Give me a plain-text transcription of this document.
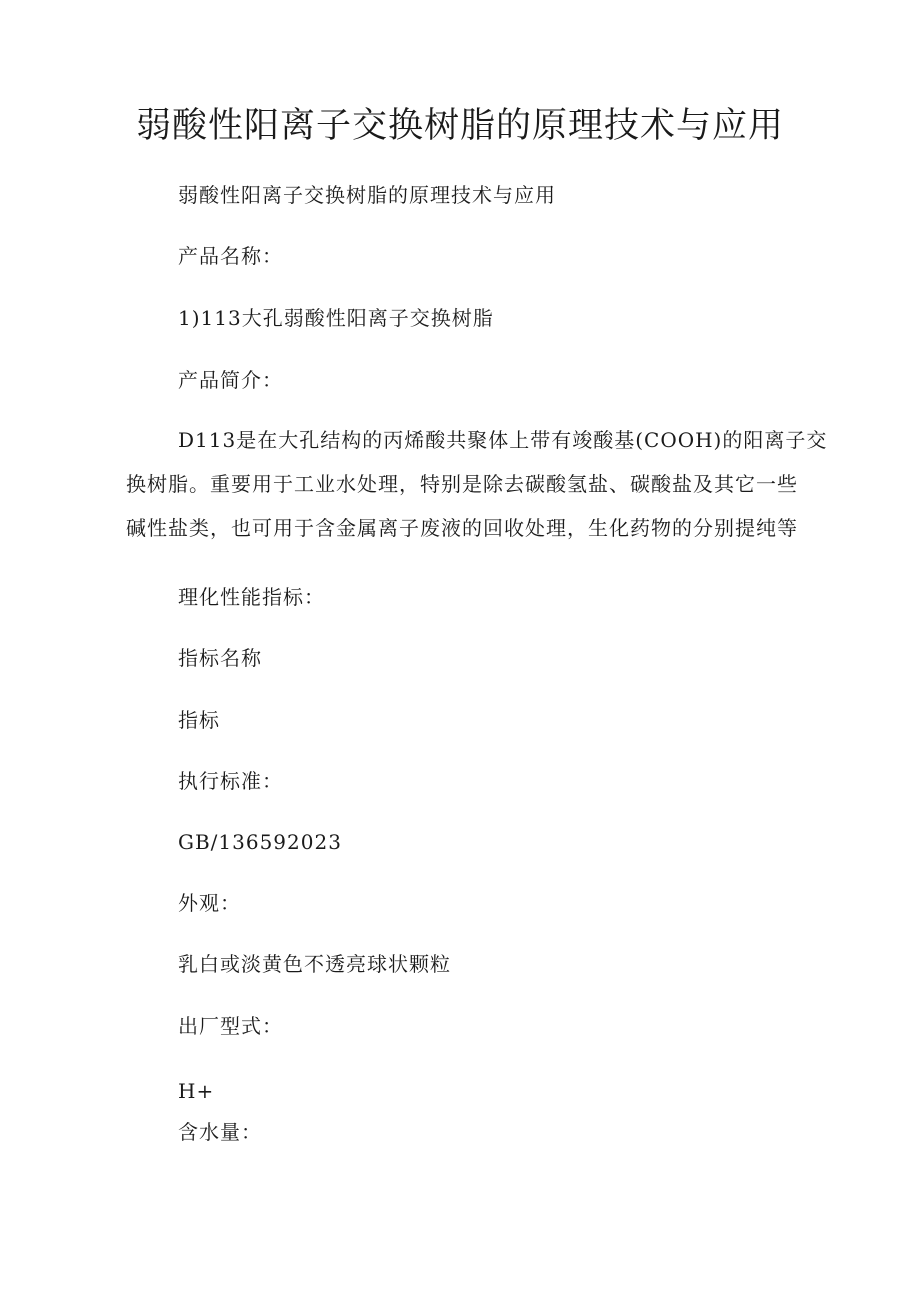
弱酸性阳离子交换树脂的原理技术与应用

弱酸性阳离子交换树脂的原理技术与应用

产品名称：

1)113大孔弱酸性阳离子交换树脂

产品简介：

D113是在大孔结构的丙烯酸共聚体上带有竣酸基(COOH)的阳离子交
换树脂。重要用于工业水处理，特别是除去碳酸氢盐、碳酸盐及其它一些
碱性盐类，也可用于含金属离子废液的回收处理，生化药物的分别提纯等

理化性能指标：

指标名称

指标

执行标准：

GB/136592023

外观：

乳白或淡黄色不透亮球状颗粒

出厂型式：

H+

含水量：
